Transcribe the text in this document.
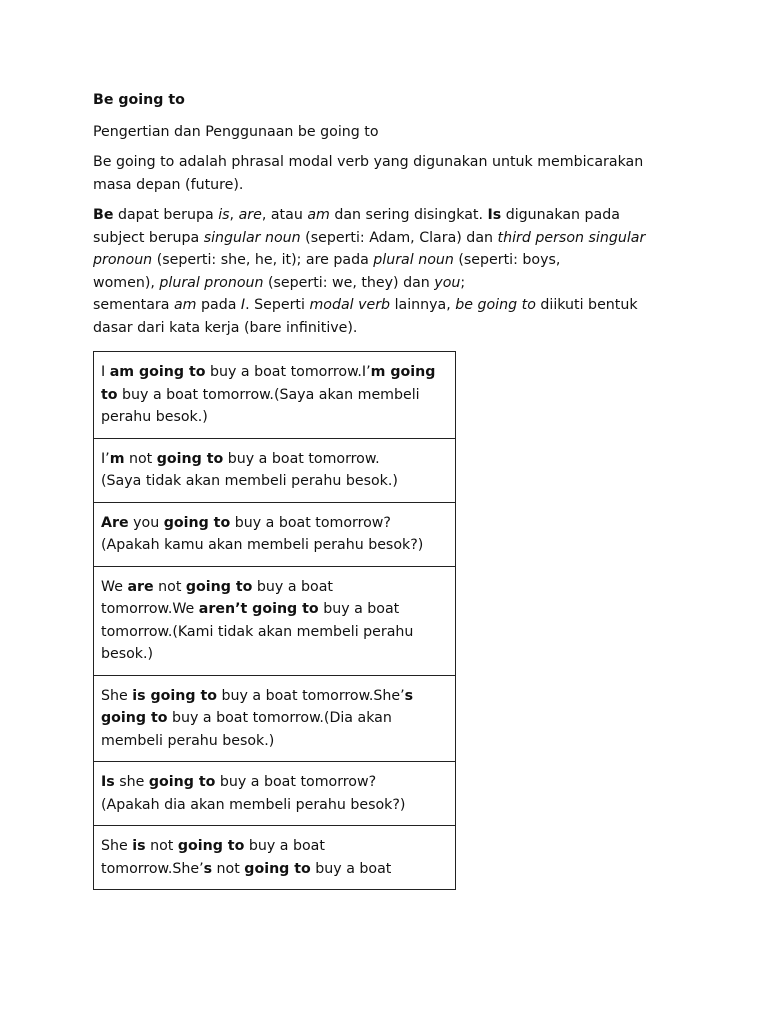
Be going to
Pengertian dan Penggunaan be going to
Be going to adalah phrasal modal verb yang digunakan untuk membicarakan
masa depan (future).
Be dapat berupa is, are, atau am dan sering disingkat. Is digunakan pada
subject berupa singular noun (seperti: Adam, Clara) dan third person singular
pronoun (seperti: she, he, it); are pada plural noun (seperti: boys,
women), plural pronoun (seperti: we, they) dan you;
sementara am pada I. Seperti modal verb lainnya, be going to diikuti bentuk
dasar dari kata kerja (bare infinitive).
I am going to buy a boat tomorrow.I’m going
to buy a boat tomorrow.(Saya akan membeli
perahu besok.)

I’m not going to buy a boat tomorrow.
(Saya tidak akan membeli perahu besok.)

Are you going to buy a boat tomorrow?
(Apakah kamu akan membeli perahu besok?)

We are not going to buy a boat
tomorrow.We aren’t going to buy a boat
tomorrow.(Kami tidak akan membeli perahu
besok.)

She is going to buy a boat tomorrow.She’s
going to buy a boat tomorrow.(Dia akan
membeli perahu besok.)

Is she going to buy a boat tomorrow?
(Apakah dia akan membeli perahu besok?)

She is not going to buy a boat
tomorrow.She’s not going to buy a boat
